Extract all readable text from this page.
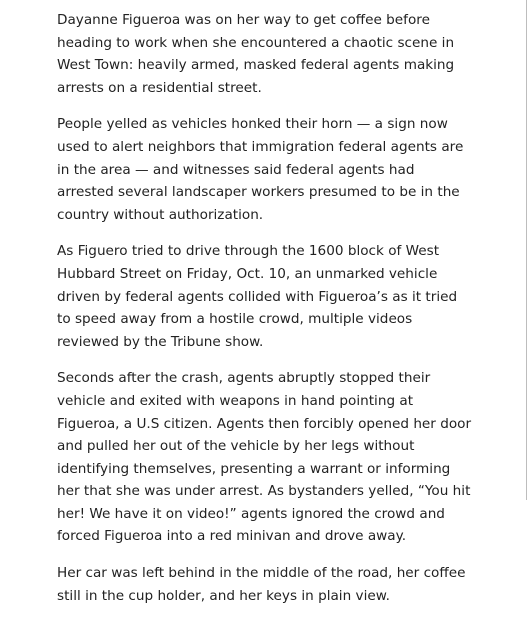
Dayanne Figueroa was on her way to get coffee before heading to work when she encountered a chaotic scene in West Town: heavily armed, masked federal agents making arrests on a residential street.

People yelled as vehicles honked their horn — a sign now used to alert neighbors that immigration federal agents are in the area — and witnesses said federal agents had arrested several landscaper workers presumed to be in the country without authorization.

As Figuero tried to drive through the 1600 block of West Hubbard Street on Friday, Oct. 10, an unmarked vehicle driven by federal agents collided with Figueroa’s as it tried to speed away from a hostile crowd, multiple videos reviewed by the Tribune show.

Seconds after the crash, agents abruptly stopped their vehicle and exited with weapons in hand pointing at Figueroa, a U.S citizen. Agents then forcibly opened her door and pulled her out of the vehicle by her legs without identifying themselves, presenting a warrant or informing her that she was under arrest. As bystanders yelled, “You hit her! We have it on video!” agents ignored the crowd and forced Figueroa into a red minivan and drove away.

Her car was left behind in the middle of the road, her coffee still in the cup holder, and her keys in plain view.
